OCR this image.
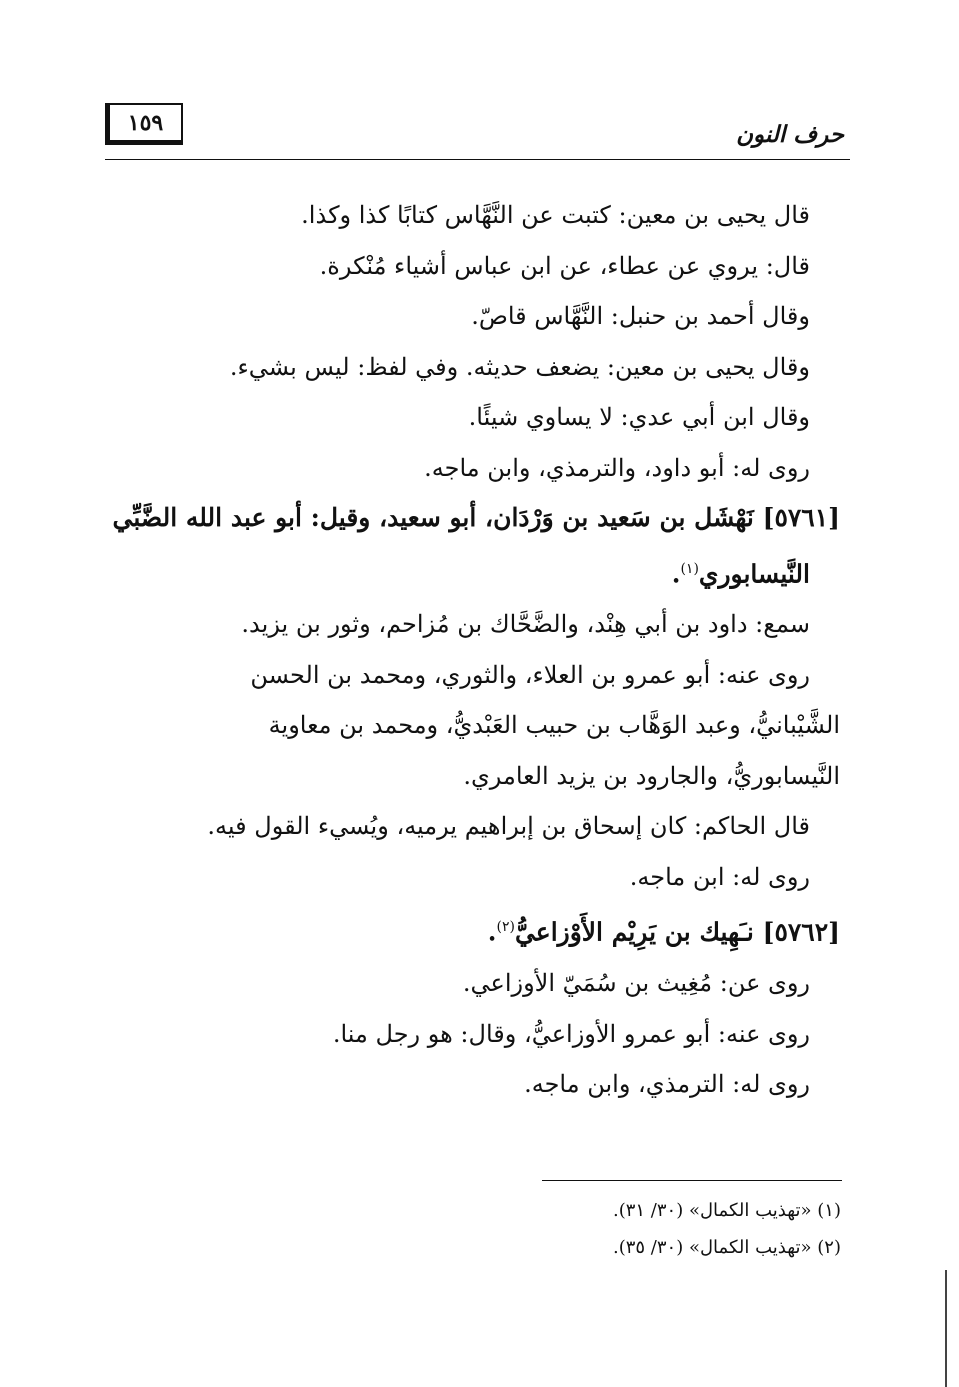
١٥٩	حرف النون
قال يحيى بن معين: كتبت عن النَّهَّاس كتابًا كذا وكذا.
قال: يروي عن عطاء، عن ابن عباس أشياء مُنْكرة.
وقال أحمد بن حنبل: النَّهَّاس قاصّ.
وقال يحيى بن معين: يضعف حديثه. وفي لفظ: ليس بشيء.
وقال ابن أبي عدي: لا يساوي شيئًا.
روى له: أبو داود، والترمذي، وابن ماجه.
[٥٧٦١] نَهْشَل بن سَعيد بن وَرْدَان، أبو سعيد، وقيل: أبو عبد الله الضَّبِّي
النَّيسابوري$^{(١)}$.
سمع: داود بن أبي هِنْد، والضَّحَّاك بن مُزاحم، وثور بن يزيد.
روى عنه: أبو عمرو بن العلاء، والثوري، ومحمد بن الحسن
الشَّيْبانيُّ، وعبد الوَهَّاب بن حبيب العَبْديُّ، ومحمد بن معاوية
النَّيسابوريُّ، والجارود بن يزيد العامري.
قال الحاكم: كان إسحاق بن إبراهيم يرميه، ويُسيء القول فيه.
روى له: ابن ماجه.
[٥٧٦٢] نـَهِيك بن يَرِيْم الأَوْزاعيُّ$^{(٢)}$.
روى عن: مُغِيث بن سُمَيّ الأوزاعي.
روى عنه: أبو عمرو الأوزاعيُّ، وقال: هو رجل منا.
روى له: الترمذي، وابن ماجه.
(١) «تهذيب الكمال» (٣٠/ ٣١).
(٢) «تهذيب الكمال» (٣٠/ ٣٥).
